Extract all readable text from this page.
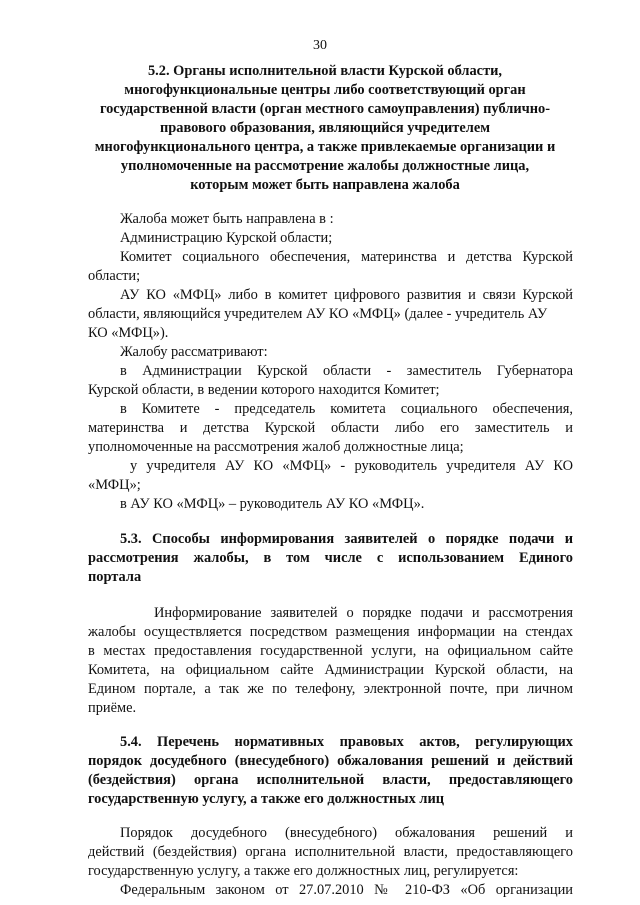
30
5.2. Органы исполнительной власти Курской области,
многофункциональные центры либо соответствующий орган
государственной власти (орган местного самоуправления) публично-
правового образования, являющийся учредителем
многофункционального центра, а также привлекаемые организации и
уполномоченные на рассмотрение жалобы должностные лица,
которым может быть направлена жалоба
Жалоба может быть направлена в :
Администрацию Курской области;
Комитет социального обеспечения, материнства и детства Курской
области;
АУ КО «МФЦ» либо в комитет цифрового развития и связи Курской
области, являющийся учредителем АУ КО «МФЦ» (далее - учредитель АУ
КО «МФЦ»).
Жалобу рассматривают:
в Администрации Курской области - заместитель Губернатора
Курской области, в ведении которого находится Комитет;
в Комитете - председатель комитета социального обеспечения,
материнства и детства Курской области либо его заместитель и
уполномоченные на рассмотрения жалоб должностные лица;
у учредителя АУ КО «МФЦ» - руководитель учредителя АУ КО
«МФЦ»;
в АУ КО «МФЦ» – руководитель АУ КО «МФЦ».
5.3. Способы информирования заявителей о порядке подачи и
рассмотрения жалобы, в том числе с использованием Единого
портала
Информирование заявителей о порядке подачи и рассмотрения
жалобы осуществляется посредством размещения информации на стендах
в местах предоставления государственной услуги, на официальном сайте
Комитета, на официальном сайте Администрации Курской области, на
Едином портале, а так же по телефону, электронной почте, при личном
приёме.
5.4. Перечень нормативных правовых актов, регулирующих
порядок досудебного (внесудебного) обжалования решений и действий
(бездействия) органа исполнительной власти, предоставляющего
государственную услугу, а также его должностных лиц
Порядок досудебного (внесудебного) обжалования решений и
действий (бездействия) органа исполнительной власти, предоставляющего
государственную услугу, а также его должностных лиц, регулируется:
Федеральным законом от 27.07.2010 № 210-ФЗ «Об организации
